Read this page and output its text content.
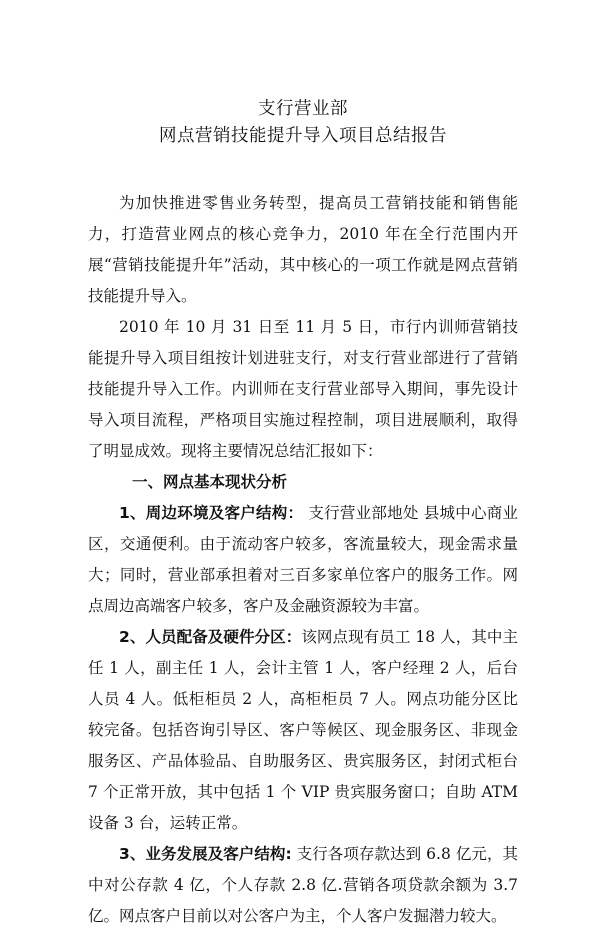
支行营业部
网点营销技能提升导入项目总结报告

为加快推进零售业务转型，提高员工营销技能和销售能力，打造营业网点的核心竞争力，2010 年在全行范围内开展“营销技能提升年”活动，其中核心的一项工作就是网点营销技能提升导入。

2010 年 10 月 31 日至 11 月 5 日，市行内训师营销技能提升导入项目组按计划进驻支行，对支行营业部进行了营销技能提升导入工作。内训师在支行营业部导入期间，事先设计导入项目流程，严格项目实施过程控制，项目进展顺利，取得了明显成效。现将主要情况总结汇报如下：

一、网点基本现状分析

1、周边环境及客户结构： 支行营业部地处 县城中心商业区，交通便利。由于流动客户较多，客流量较大，现金需求量大；同时，营业部承担着对三百多家单位客户的服务工作。网点周边高端客户较多，客户及金融资源较为丰富。

2、人员配备及硬件分区：该网点现有员工 18 人，其中主任 1 人，副主任 1 人，会计主管 1 人，客户经理 2 人，后台人员 4 人。低柜柜员 2 人，高柜柜员 7 人。网点功能分区比较完备。包括咨询引导区、客户等候区、现金服务区、非现金服务区、产品体验品、自助服务区、贵宾服务区，封闭式柜台 7 个正常开放，其中包括 1 个 VIP 贵宾服务窗口；自助 ATM 设备 3 台，运转正常。

3、业务发展及客户结构: 支行各项存款达到 6.8 亿元，其中对公存款 4 亿，个人存款 2.8 亿.营销各项贷款余额为 3.7 亿。网点客户目前以对公客户为主，个人客户发掘潜力较大。
